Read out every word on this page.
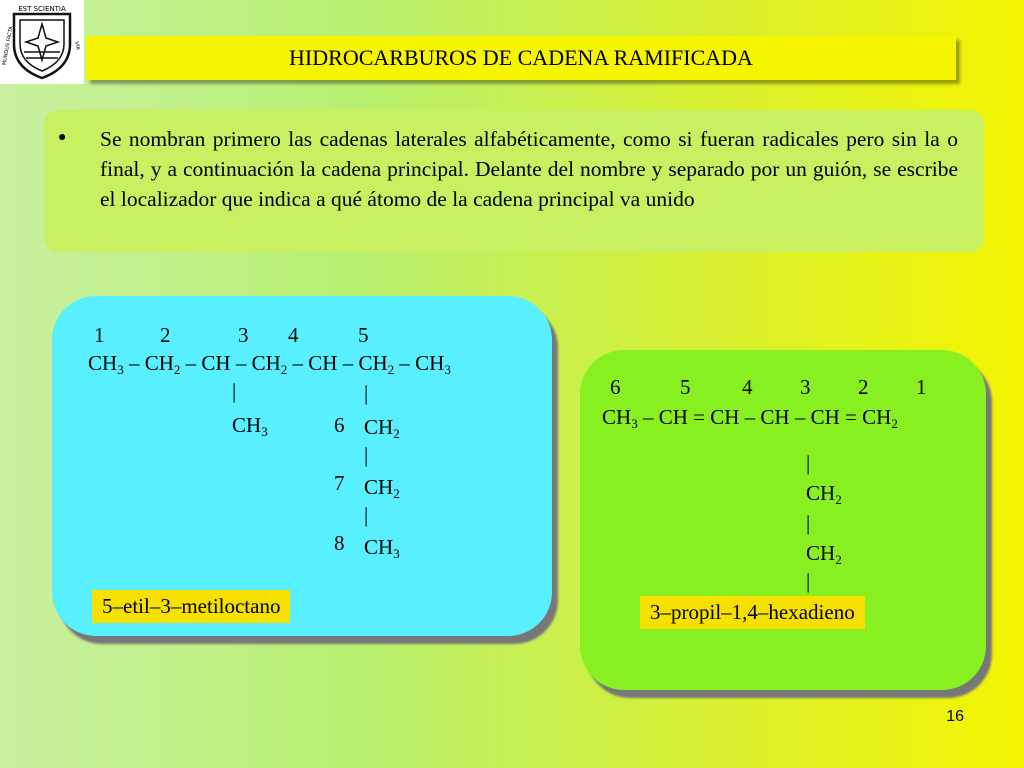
EST SCIENTIA
MUNDUS FACTA	VIA	HIDROCARBUROS DE CADENA RAMIFICADA
● Se nombran primero las cadenas laterales alfabéticamente, como si fueran radicales pero sin la o final, y a continuación la cadena principal. Delante del nombre y separado por un guión, se escribe el localizador que indica a qué átomo de la cadena principal va unido
1	2	3 4	5
$CH_3 - CH_2$ – CH – $CH_2$ – CH – $CH_2 - CH_3$
|
$CH_3$
|
6 $CH_2$
|
7 $CH_2$
|
8 $CH_3$
5–etil–3–metiloctano
6	5 4 3 2 1
$CH_3$ – CH = CH – CH – CH = $CH_2$
|
$CH_2$
|
$CH_2$
|
3–propil–1,4–hexadieno
16
